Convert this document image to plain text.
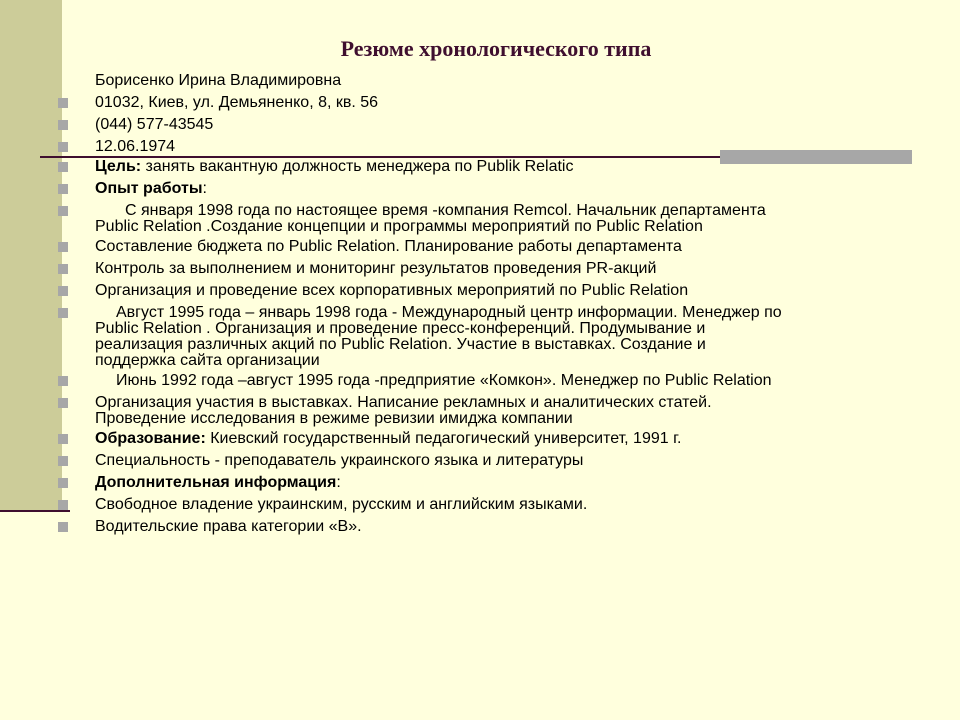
Резюме хронологического типа
Борисенко Ирина Владимировна
01032, Киев, ул. Демьяненко, 8, кв. 56
(044) 577-43545
12.06.1974
Цель: занять вакантную должность менеджера по Publik Relatic
Опыт работы:
С января 1998 года по настоящее время -компания Remcol. Начальник департамента
Public Relation .Создание концепции и программы мероприятий по Public Relation
Составление бюджета по Public Relation. Планирование работы департамента
Контроль за выполнением и мониторинг результатов проведения PR-акций
Организация и проведение всех корпоративных мероприятий по Public Relation
Август 1995 года – январь 1998 года - Международный центр информации. Менеджер по
Public Relation . Организация и проведение пресс-конференций. Продумывание и
реализация различных акций по Public Relation. Участие в выставках. Создание и
поддержка сайта организации
Июнь 1992 года –август 1995 года -предприятие «Комкон». Менеджер по Public Relation
Организация участия в выставках. Написание рекламных и аналитических статей.
Проведение исследования в режиме ревизии имиджа компании
Образование: Киевский государственный педагогический университет, 1991 г.
Специальность - преподаватель украинского языка и литературы
Дополнительная информация:
Свободное владение украинским, русским и английским языками.
Водительские права категории «В».
